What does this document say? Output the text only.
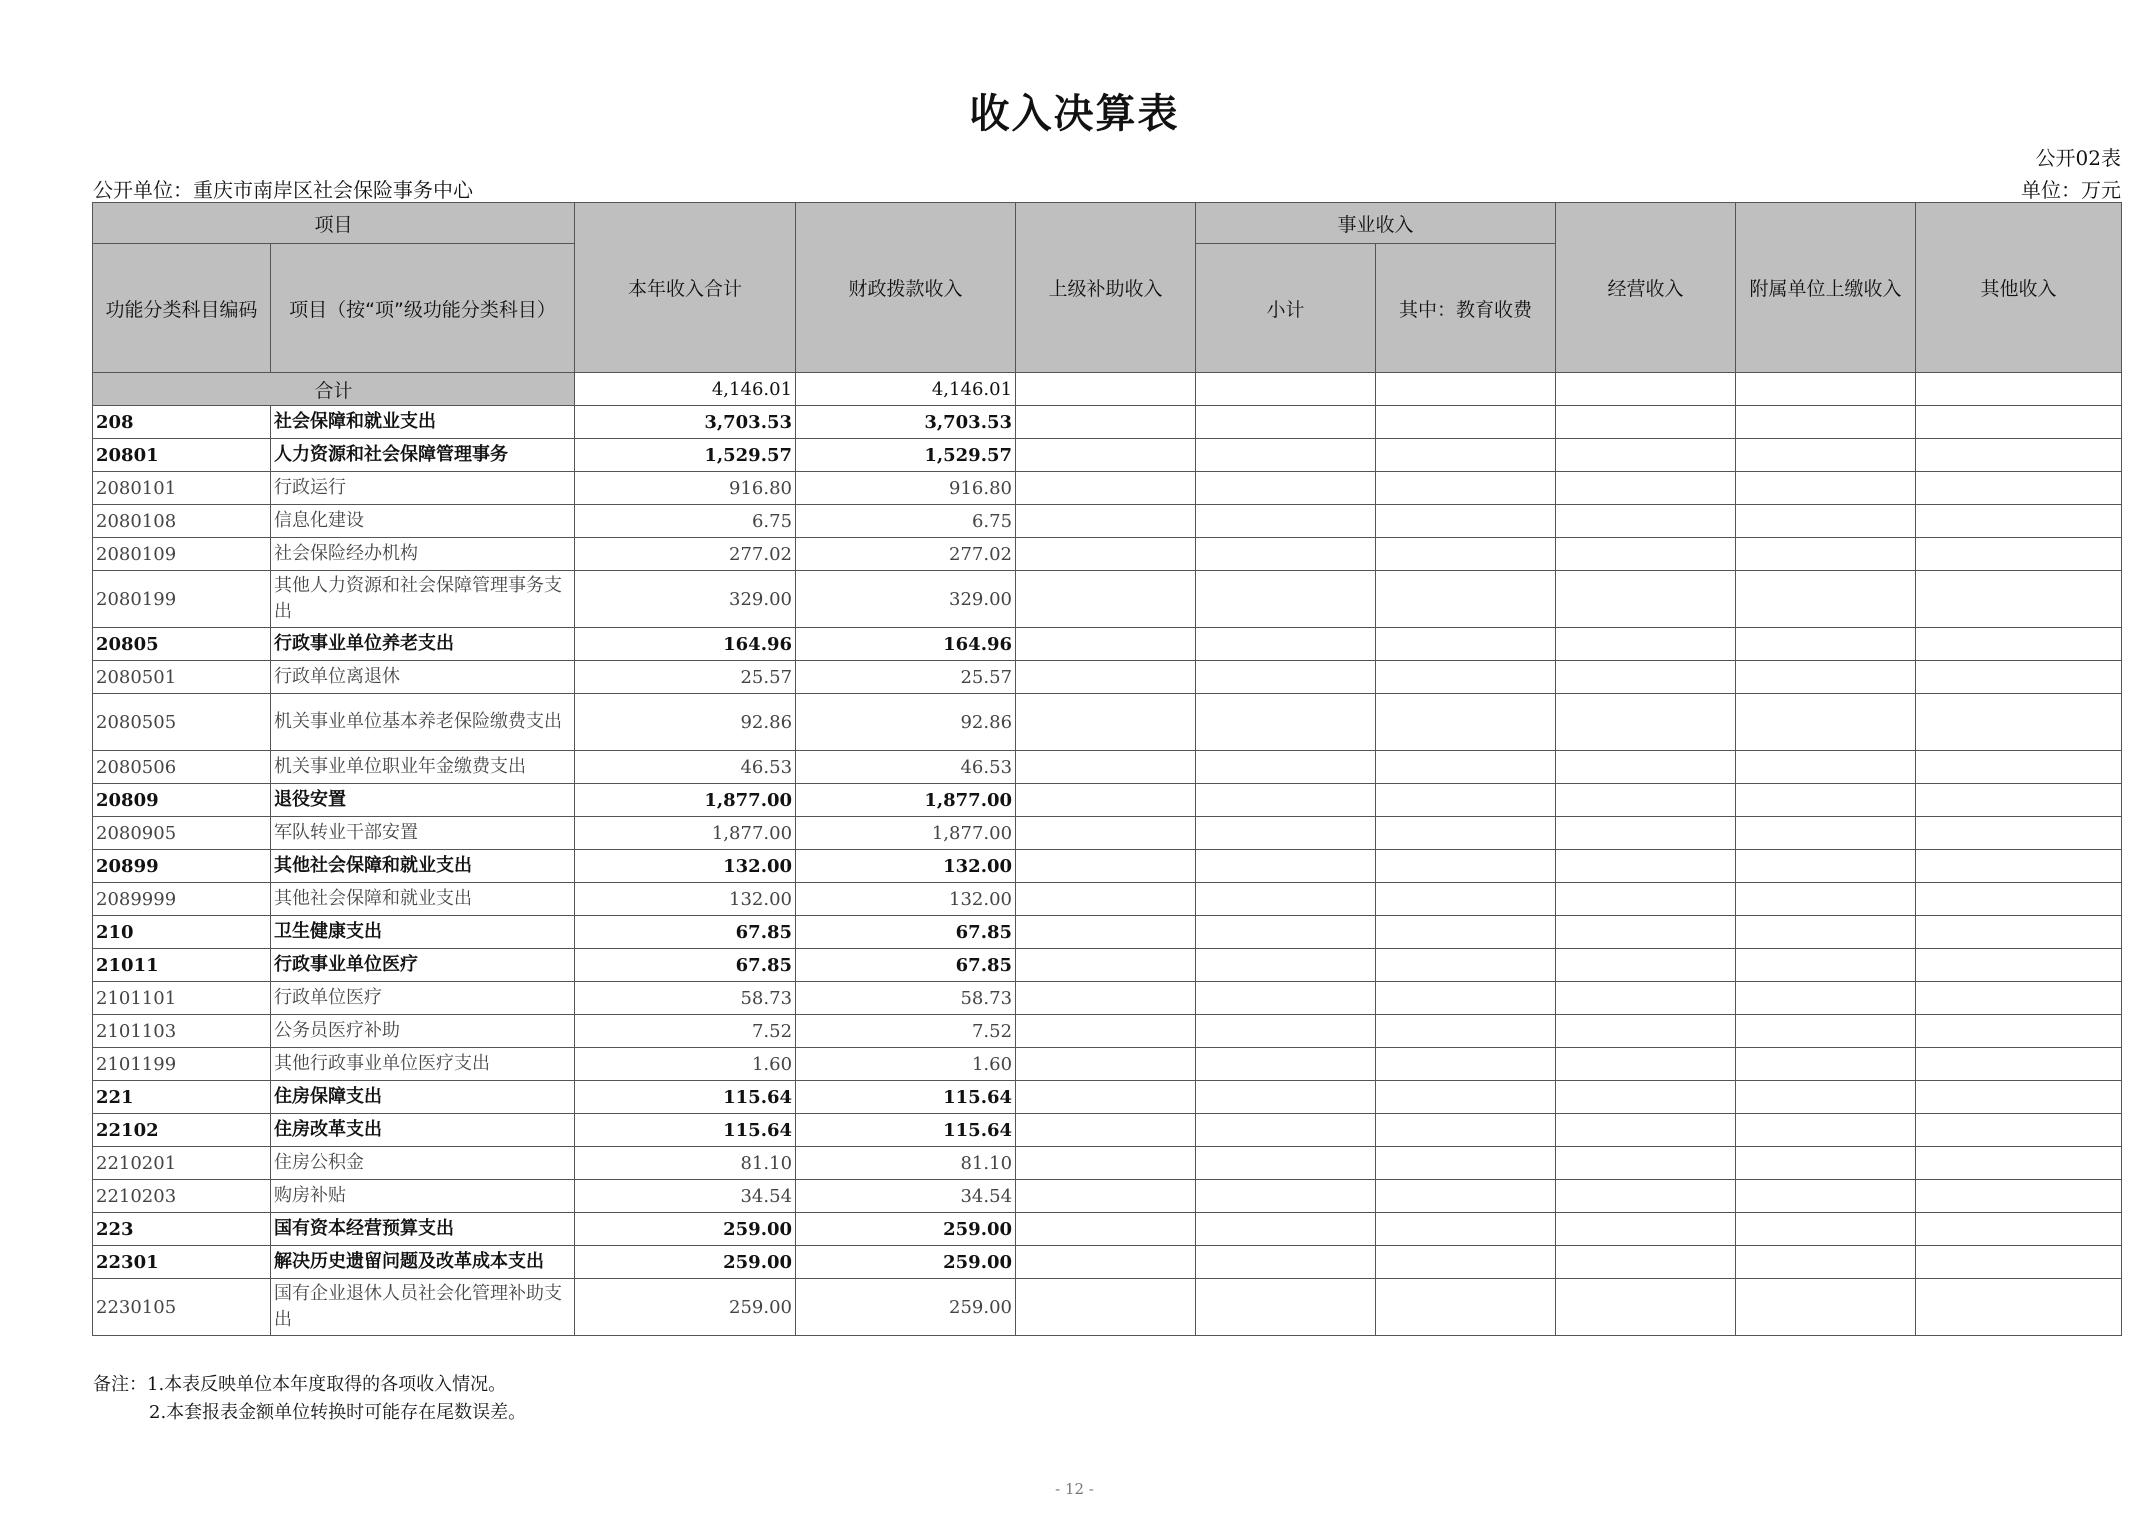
收入决算表
公开02表
公开单位：重庆市南岸区社会保险事务中心	单位：万元
项目		本年收入合计	财政拨款收入	上级补助收入	事业收入		经营收入	附属单位上缴收入	其他收入
功能分类科目编码	项目（按“项”级功能分类科目）				小计	其中：教育收费			
合计		4,146.01	4,146.01						
208	社会保障和就业支出	3,703.53	3,703.53						
20801	人力资源和社会保障管理事务	1,529.57	1,529.57						
2080101	行政运行	916.80	916.80						
2080108	信息化建设	6.75	6.75						
2080109	社会保险经办机构	277.02	277.02						
2080199	其他人力资源和社会保障管理事务支出	329.00	329.00						
20805	行政事业单位养老支出	164.96	164.96						
2080501	行政单位离退休	25.57	25.57						
2080505	机关事业单位基本养老保险缴费支出	92.86	92.86						
2080506	机关事业单位职业年金缴费支出	46.53	46.53						
20809	退役安置	1,877.00	1,877.00						
2080905	军队转业干部安置	1,877.00	1,877.00						
20899	其他社会保障和就业支出	132.00	132.00						
2089999	其他社会保障和就业支出	132.00	132.00						
210	卫生健康支出	67.85	67.85						
21011	行政事业单位医疗	67.85	67.85						
2101101	行政单位医疗	58.73	58.73						
2101103	公务员医疗补助	7.52	7.52						
2101199	其他行政事业单位医疗支出	1.60	1.60						
221	住房保障支出	115.64	115.64						
22102	住房改革支出	115.64	115.64						
2210201	住房公积金	81.10	81.10						
2210203	购房补贴	34.54	34.54						
223	国有资本经营预算支出	259.00	259.00						
22301	解决历史遗留问题及改革成本支出	259.00	259.00						
2230105	国有企业退休人员社会化管理补助支出	259.00	259.00						
备注：1.本表反映单位本年度取得的各项收入情况。
2.本套报表金额单位转换时可能存在尾数误差。
- 12 -
